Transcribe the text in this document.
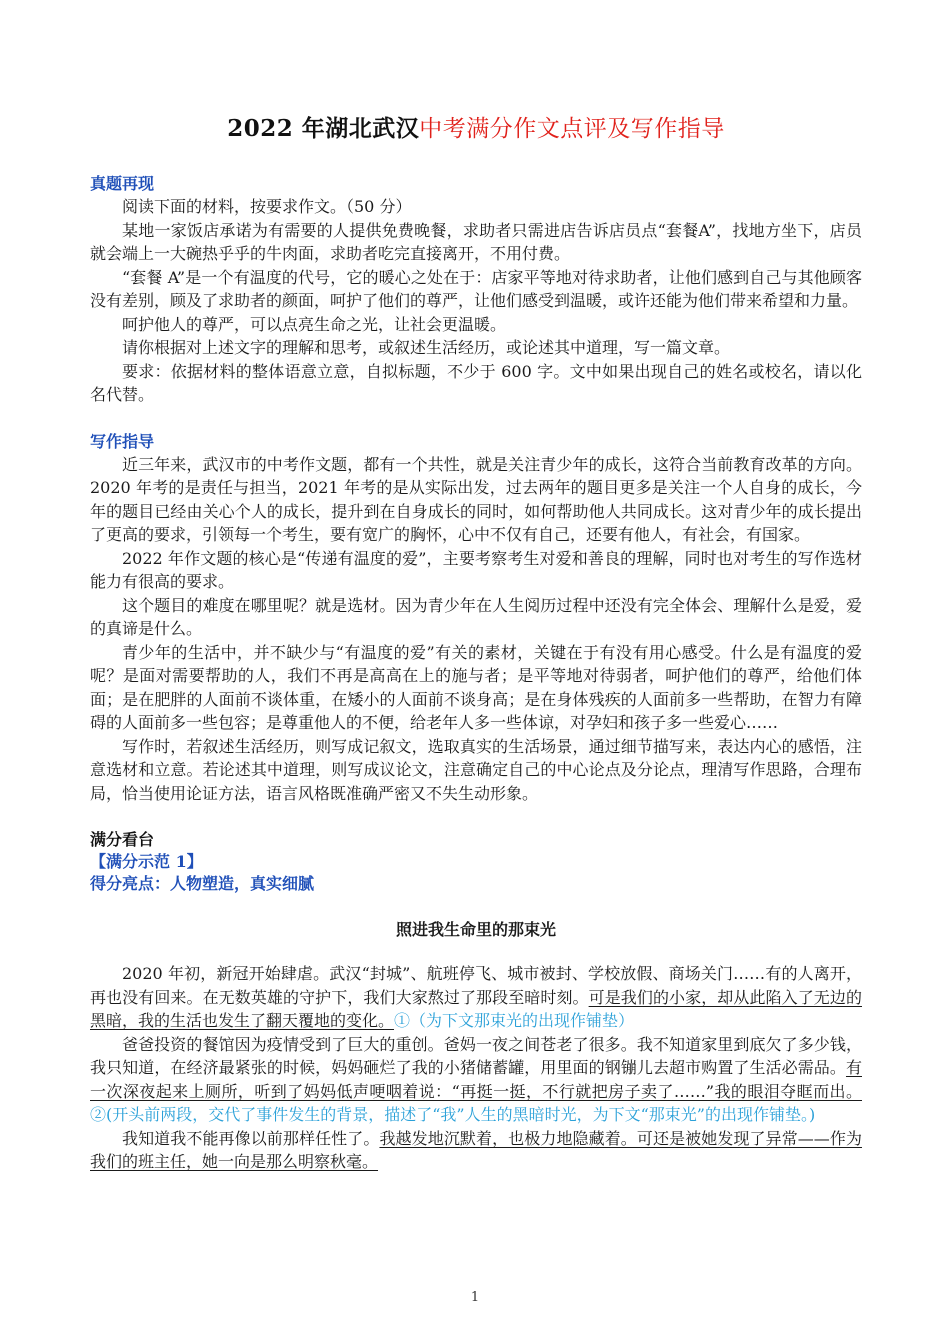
2022 年湖北武汉中考满分作文点评及写作指导
真题再现

阅读下面的材料，按要求作文。（50 分）

某地一家饭店承诺为有需要的人提供免费晚餐，求助者只需进店告诉店员点“套餐A”，找地方坐下，店员就会端上一大碗热乎乎的牛肉面，求助者吃完直接离开，不用付费。

“套餐 A”是一个有温度的代号，它的暖心之处在于：店家平等地对待求助者，让他们感到自己与其他顾客没有差别，顾及了求助者的颜面，呵护了他们的尊严，让他们感受到温暖，或许还能为他们带来希望和力量。

呵护他人的尊严，可以点亮生命之光，让社会更温暖。

请你根据对上述文字的理解和思考，或叙述生活经历，或论述其中道理，写一篇文章。

要求：依据材料的整体语意立意，自拟标题，不少于 600 字。文中如果出现自己的姓名或校名，请以化名代替。

写作指导

近三年来，武汉市的中考作文题，都有一个共性，就是关注青少年的成长，这符合当前教育改革的方向。2020 年考的是责任与担当，2021 年考的是从实际出发，过去两年的题目更多是关注一个人自身的成长，今年的题目已经由关心个人的成长，提升到在自身成长的同时，如何帮助他人共同成长。这对青少年的成长提出了更高的要求，引领每一个考生，要有宽广的胸怀，心中不仅有自己，还要有他人，有社会，有国家。

2022 年作文题的核心是“传递有温度的爱”，主要考察考生对爱和善良的理解，同时也对考生的写作选材能力有很高的要求。

这个题目的难度在哪里呢？就是选材。因为青少年在人生阅历过程中还没有完全体会、理解什么是爱，爱的真谛是什么。

青少年的生活中，并不缺少与“有温度的爱”有关的素材，关键在于有没有用心感受。什么是有温度的爱呢？是面对需要帮助的人，我们不再是高高在上的施与者；是平等地对待弱者，呵护他们的尊严，给他们体面；是在肥胖的人面前不谈体重，在矮小的人面前不谈身高；是在身体残疾的人面前多一些帮助，在智力有障碍的人面前多一些包容；是尊重他人的不便，给老年人多一些体谅，对孕妇和孩子多一些爱心……

写作时，若叙述生活经历，则写成记叙文，选取真实的生活场景，通过细节描写来，表达内心的感悟，注意选材和立意。若论述其中道理，则写成议论文，注意确定自己的中心论点及分论点，理清写作思路，合理布局，恰当使用论证方法，语言风格既准确严密又不失生动形象。

满分看台
【满分示范 1】
得分亮点：人物塑造，真实细腻
照进我生命里的那束光

2020 年初，新冠开始肆虐。武汉“封城”、航班停飞、城市被封、学校放假、商场关门……有的人离开，再也没有回来。在无数英雄的守护下，我们大家熬过了那段至暗时刻。可是我们的小家，却从此陷入了无边的黑暗，我的生活也发生了翻天覆地的变化。①（为下文那束光的出现作铺垫）

爸爸投资的餐馆因为疫情受到了巨大的重创。爸妈一夜之间苍老了很多。我不知道家里到底欠了多少钱，我只知道，在经济最紧张的时候，妈妈砸烂了我的小猪储蓄罐，用里面的钢镚儿去超市购置了生活必需品。有一次深夜起来上厕所，听到了妈妈低声哽咽着说：“再挺一挺，不行就把房子卖了……”我的眼泪夺眶而出。②(开头前两段，交代了事件发生的背景，描述了“我”人生的黑暗时光，为下文“那束光”的出现作铺垫。)

我知道我不能再像以前那样任性了。我越发地沉默着，也极力地隐藏着。可还是被她发现了异常——作为我们的班主任，她一向是那么明察秋毫。

1
